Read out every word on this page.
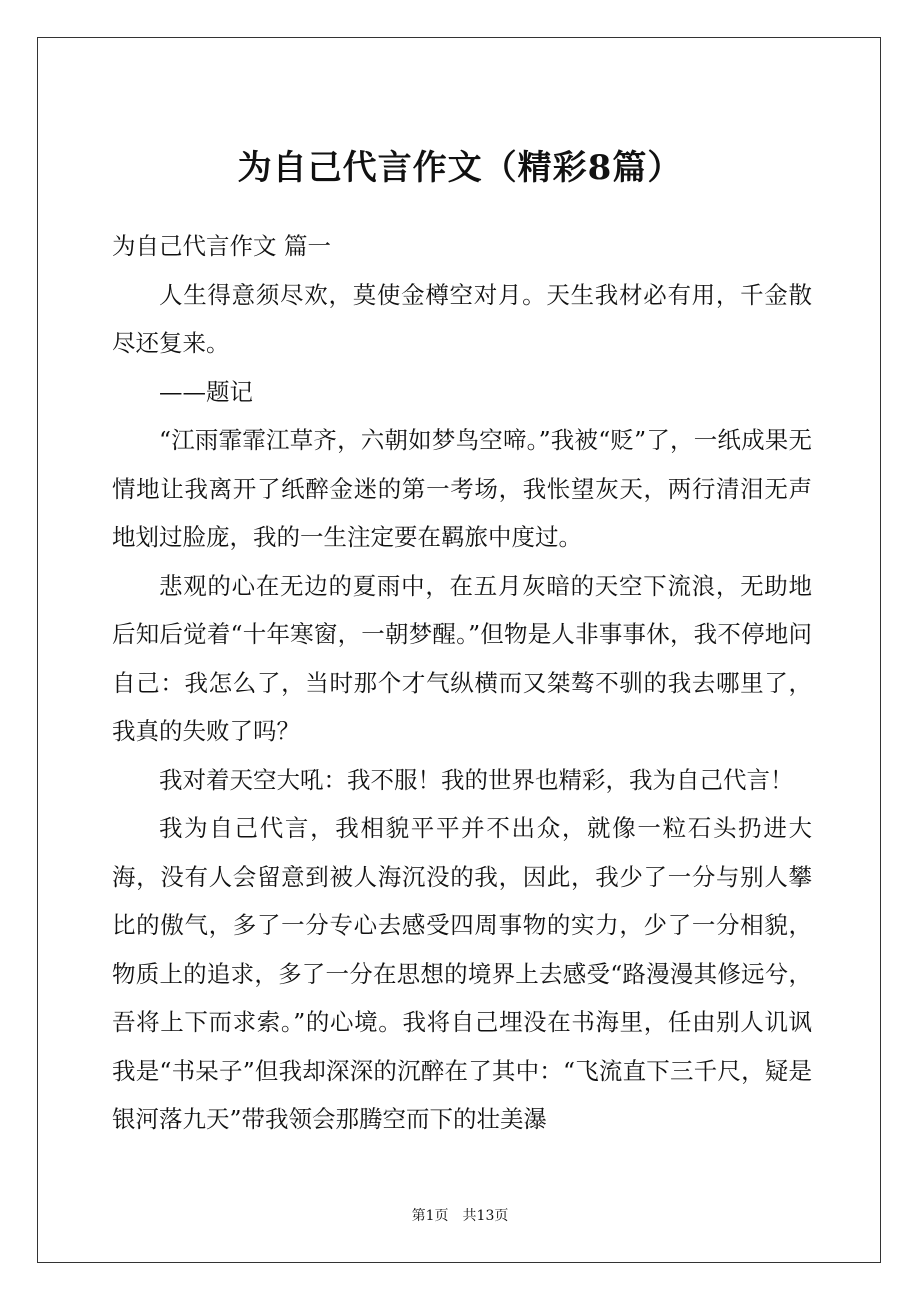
为自己代言作文（精彩8篇）

为自己代言作文 篇一

人生得意须尽欢，莫使金樽空对月。天生我材必有用，千金散尽还复来。

——题记

“江雨霏霏江草齐，六朝如梦鸟空啼。”我被“贬”了，一纸成果无情地让我离开了纸醉金迷的第一考场，我怅望灰天，两行清泪无声地划过脸庞，我的一生注定要在羁旅中度过。

悲观的心在无边的夏雨中，在五月灰暗的天空下流浪，无助地后知后觉着“十年寒窗，一朝梦醒。”但物是人非事事休，我不停地问自己：我怎么了，当时那个才气纵横而又桀骜不驯的我去哪里了，我真的失败了吗？

我对着天空大吼：我不服！我的世界也精彩，我为自己代言！

我为自己代言，我相貌平平并不出众，就像一粒石头扔进大海，没有人会留意到被人海沉没的我，因此，我少了一分与别人攀比的傲气，多了一分专心去感受四周事物的实力，少了一分相貌，物质上的追求，多了一分在思想的境界上去感受“路漫漫其修远兮，吾将上下而求索。”的心境。我将自己埋没在书海里，任由别人讥讽我是“书呆子”但我却深深的沉醉在了其中：“飞流直下三千尺，疑是银河落九天”带我领会那腾空而下的壮美瀑

第1页 共13页
